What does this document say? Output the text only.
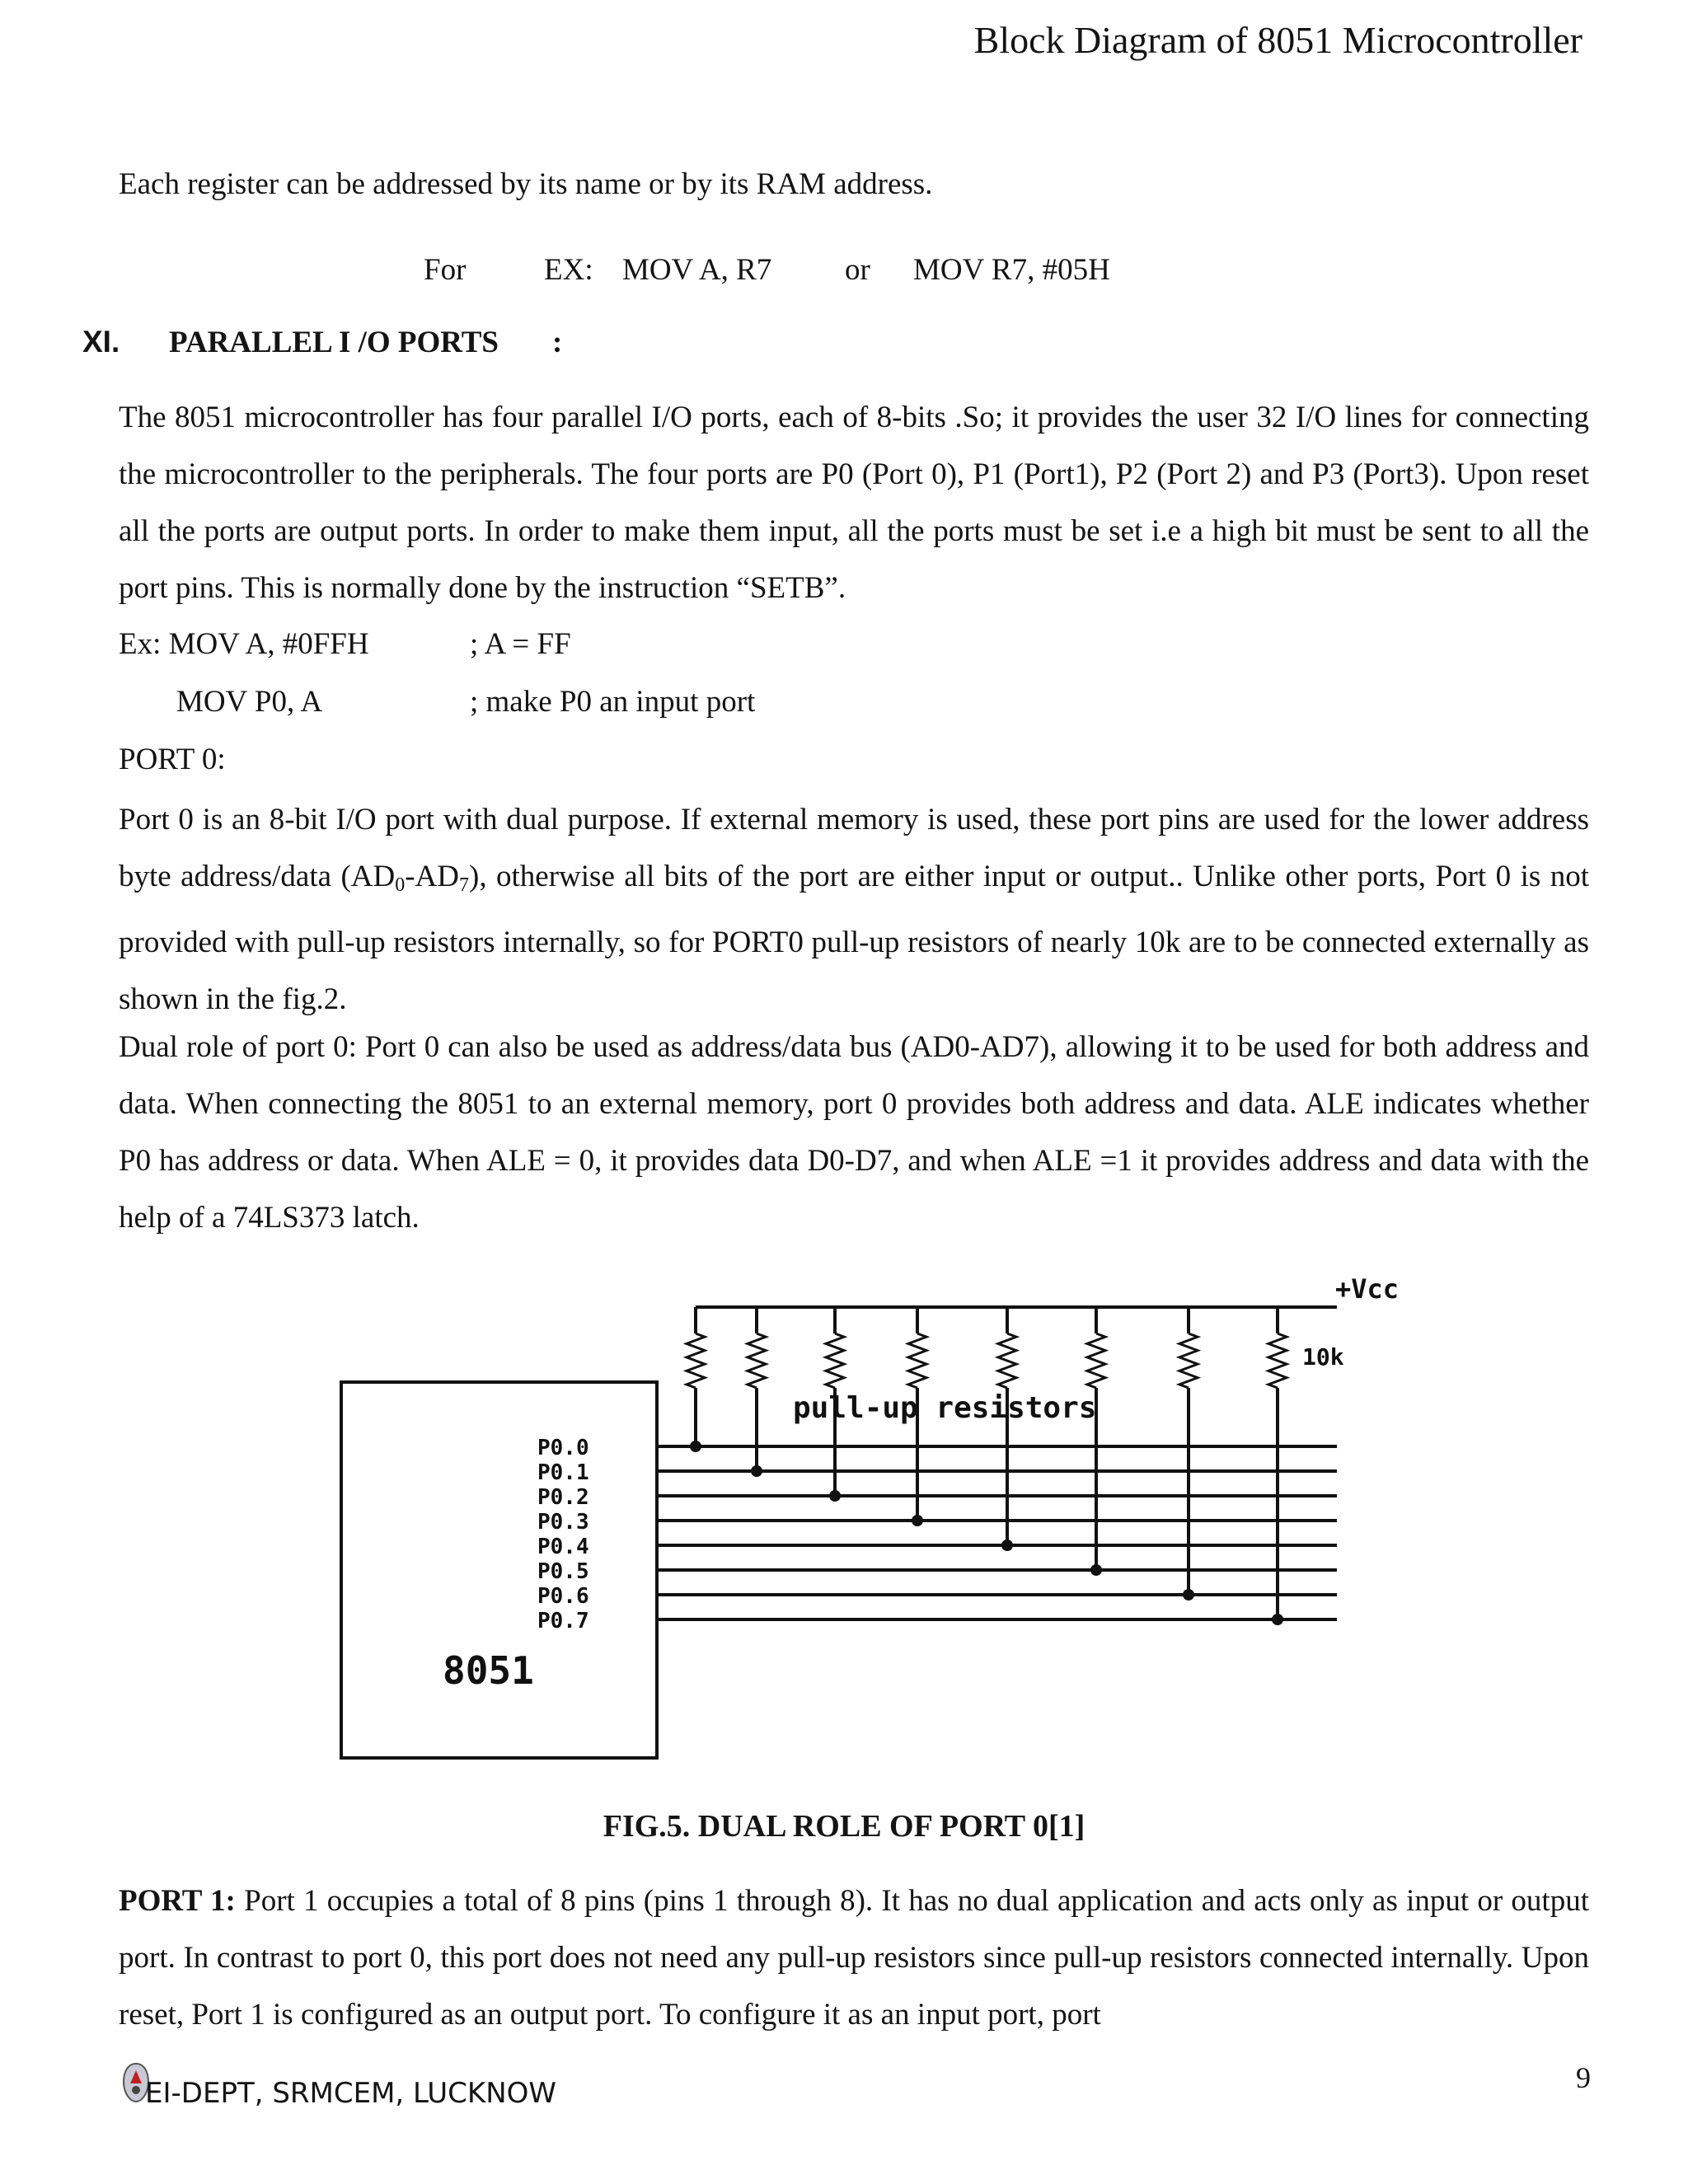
Block Diagram of 8051 Microcontroller
Each register can be addressed by its name or by its RAM address.
For	EX: MOV A, R7 or MOV R7, #05H
XI. PARALLEL I /O PORTS :
The 8051 microcontroller has four parallel I/O ports, each of 8-bits .So; it provides the user 32 I/O lines for connecting the microcontroller to the peripherals. The four ports are P0 (Port 0), P1 (Port1), P2 (Port 2) and P3 (Port3). Upon reset all the ports are output ports. In order to make them input, all the ports must be set i.e a high bit must be sent to all the port pins. This is normally done by the instruction “SETB”.
Ex: MOV A, #0FFH	; A = FF
MOV P0, A	; make P0 an input port
PORT 0:
Port 0 is an 8-bit I/O port with dual purpose. If external memory is used, these port pins are used for the lower address byte address/data $(AD_0-AD_7)$, otherwise all bits of the port are either input or output.. Unlike other ports, Port 0 is not provided with pull-up resistors internally, so for PORT0 pull-up resistors of nearly 10k are to be connected externally as shown in the fig.2.
Dual role of port 0: Port 0 can also be used as address/data bus (AD0-AD7), allowing it to be used for both address and data. When connecting the 8051 to an external memory, port 0 provides both address and data. ALE indicates whether P0 has address or data. When ALE = 0, it provides data D0-D7, and when ALE =1 it provides address and data with the help of a 74LS373 latch.
+Vcc
10k
pull-up resistors
8051
P0.0
P0.1
P0.2
P0.3
P0.4
P0.5
P0.6
P0.7
FIG.5. DUAL ROLE OF PORT 0[1]
PORT 1: Port 1 occupies a total of 8 pins (pins 1 through 8). It has no dual application and acts only as input or output port. In contrast to port 0, this port does not need any pull-up resistors since pull-up resistors connected internally. Upon reset, Port 1 is configured as an output port. To configure it as an input port, port
EI-DEPT, SRMCEM, LUCKNOW	9
